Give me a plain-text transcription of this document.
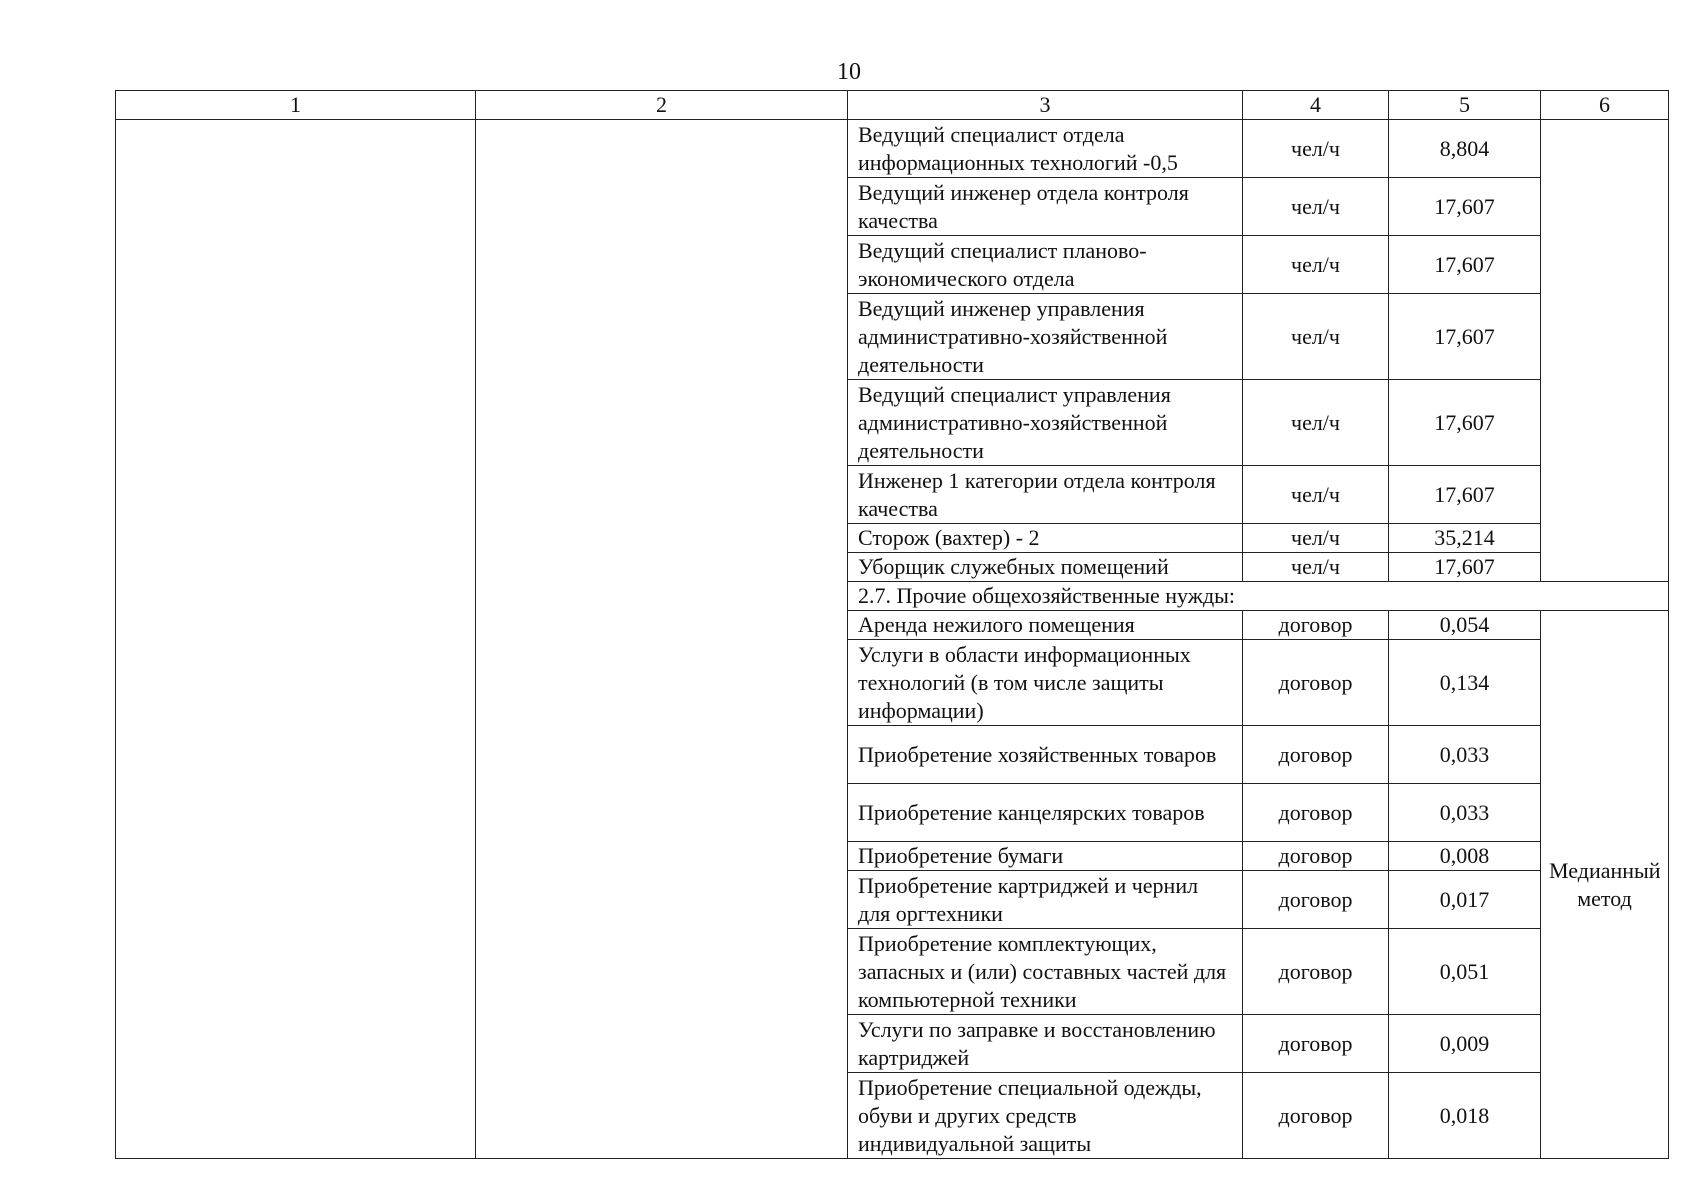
10
1	2	3	4	5	6
		Ведущий специалист отдела информационных технологий -0,5	чел/ч	8,804	
		Ведущий инженер отдела контроля качества	чел/ч	17,607	
		Ведущий специалист планово-экономического отдела	чел/ч	17,607	
		Ведущий инженер управления административно-хозяйственной деятельности	чел/ч	17,607	
		Ведущий специалист управления административно-хозяйственной деятельности	чел/ч	17,607	
		Инженер 1 категории отдела контроля качества	чел/ч	17,607	
		Сторож (вахтер) - 2	чел/ч	35,214	
		Уборщик служебных помещений	чел/ч	17,607	
		2.7. Прочие общехозяйственные нужды:			
		Аренда нежилого помещения	договор	0,054	Медианный метод
		Услуги в области информационных технологий (в том числе защиты информации)	договор	0,134	
		Приобретение хозяйственных товаров	договор	0,033	
		Приобретение канцелярских товаров	договор	0,033	
		Приобретение бумаги	договор	0,008	
		Приобретение картриджей и чернил для оргтехники	договор	0,017	
		Приобретение комплектующих, запасных и (или) составных частей для компьютерной техники	договор	0,051	
		Услуги по заправке и восстановлению картриджей	договор	0,009	
		Приобретение специальной одежды, обуви и других средств индивидуальной защиты	договор	0,018	
